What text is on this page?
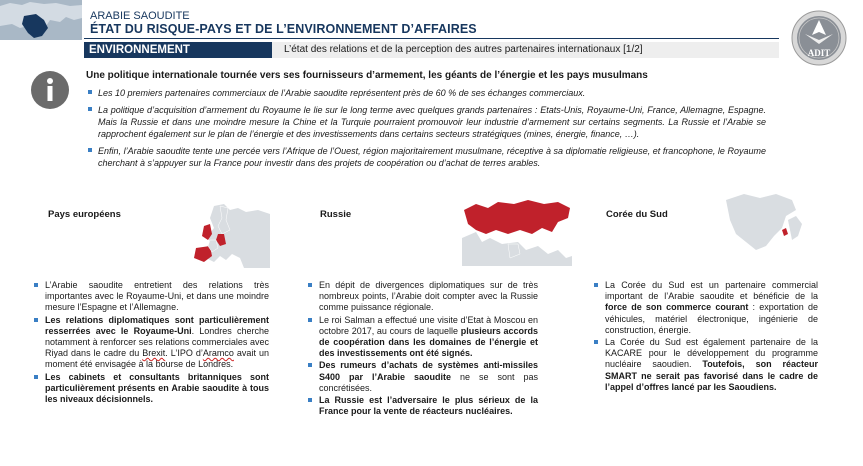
ARABIE SAOUDITE
ÉTAT DU RISQUE-PAYS ET DE L’ENVIRONNEMENT D’AFFAIRES
ADIT
ENVIRONNEMENT GÉOPOLITIQUE
L’état des relations et de la perception des autres partenaires internationaux [1/2]
Une politique internationale tournée vers ses fournisseurs d’armement, les géants de l’énergie et les pays musulmans
Les 10 premiers partenaires commerciaux de l’Arabie saoudite représentent près de 60 % de ses échanges commerciaux.
La politique d’acquisition d’armement du Royaume le lie sur le long terme avec quelques grands partenaires : Etats-Unis, Royaume-Uni, France, Allemagne, Espagne. Mais la Russie et dans une moindre mesure la Chine et la Turquie pourraient promouvoir leur industrie d’armement sur certains segments. La Russie et l’Arabie se rapprochent également sur le plan de l’énergie et des investissements dans certains secteurs stratégiques (mines, énergie, finance, …).
Enfin, l’Arabie saoudite tente une percée vers l’Afrique de l’Ouest, région majoritairement musulmane, réceptive à sa diplomatie religieuse, et francophone, le Royaume cherchant à s’appuyer sur la France pour investir dans des projets de coopération ou d’achat de terres arables.
Pays européens
L’Arabie saoudite entretient des relations très importantes avec le Royaume-Uni, et dans une moindre mesure l’Espagne et l’Allemagne.
Les relations diplomatiques sont particulièrement resserrées avec le Royaume-Uni. Londres cherche notamment à renforcer ses relations commerciales avec Riyad dans le cadre du Brexit. L’IPO d’Aramco avait un moment été envisagée à la bourse de Londres.
Les cabinets et consultants britanniques sont particulièrement présents en Arabie saoudite à tous les niveaux décisionnels.
Russie
En dépit de divergences diplomatiques sur de très nombreux points, l’Arabie doit compter avec la Russie comme puissance régionale.
Le roi Salman a effectué une visite d’Etat à Moscou en octobre 2017, au cours de laquelle plusieurs accords de coopération dans les domaines de l’énergie et des investissements ont été signés.
Des rumeurs d’achats de systèmes anti-missiles S400 par l’Arabie saoudite ne se sont pas concrétisées.
La Russie est l’adversaire le plus sérieux de la France pour la vente de réacteurs nucléaires.
Corée du Sud
La Corée du Sud est un partenaire commercial important de l’Arabie saoudite et bénéficie de la force de son commerce courant : exportation de véhicules, matériel électronique, ingénierie de construction, énergie.
La Corée du Sud est également partenaire de la KACARE pour le développement du programme nucléaire saoudien. Toutefois, son réacteur SMART ne serait pas favorisé dans le cadre de l’appel d’offres lancé par les Saoudiens.
